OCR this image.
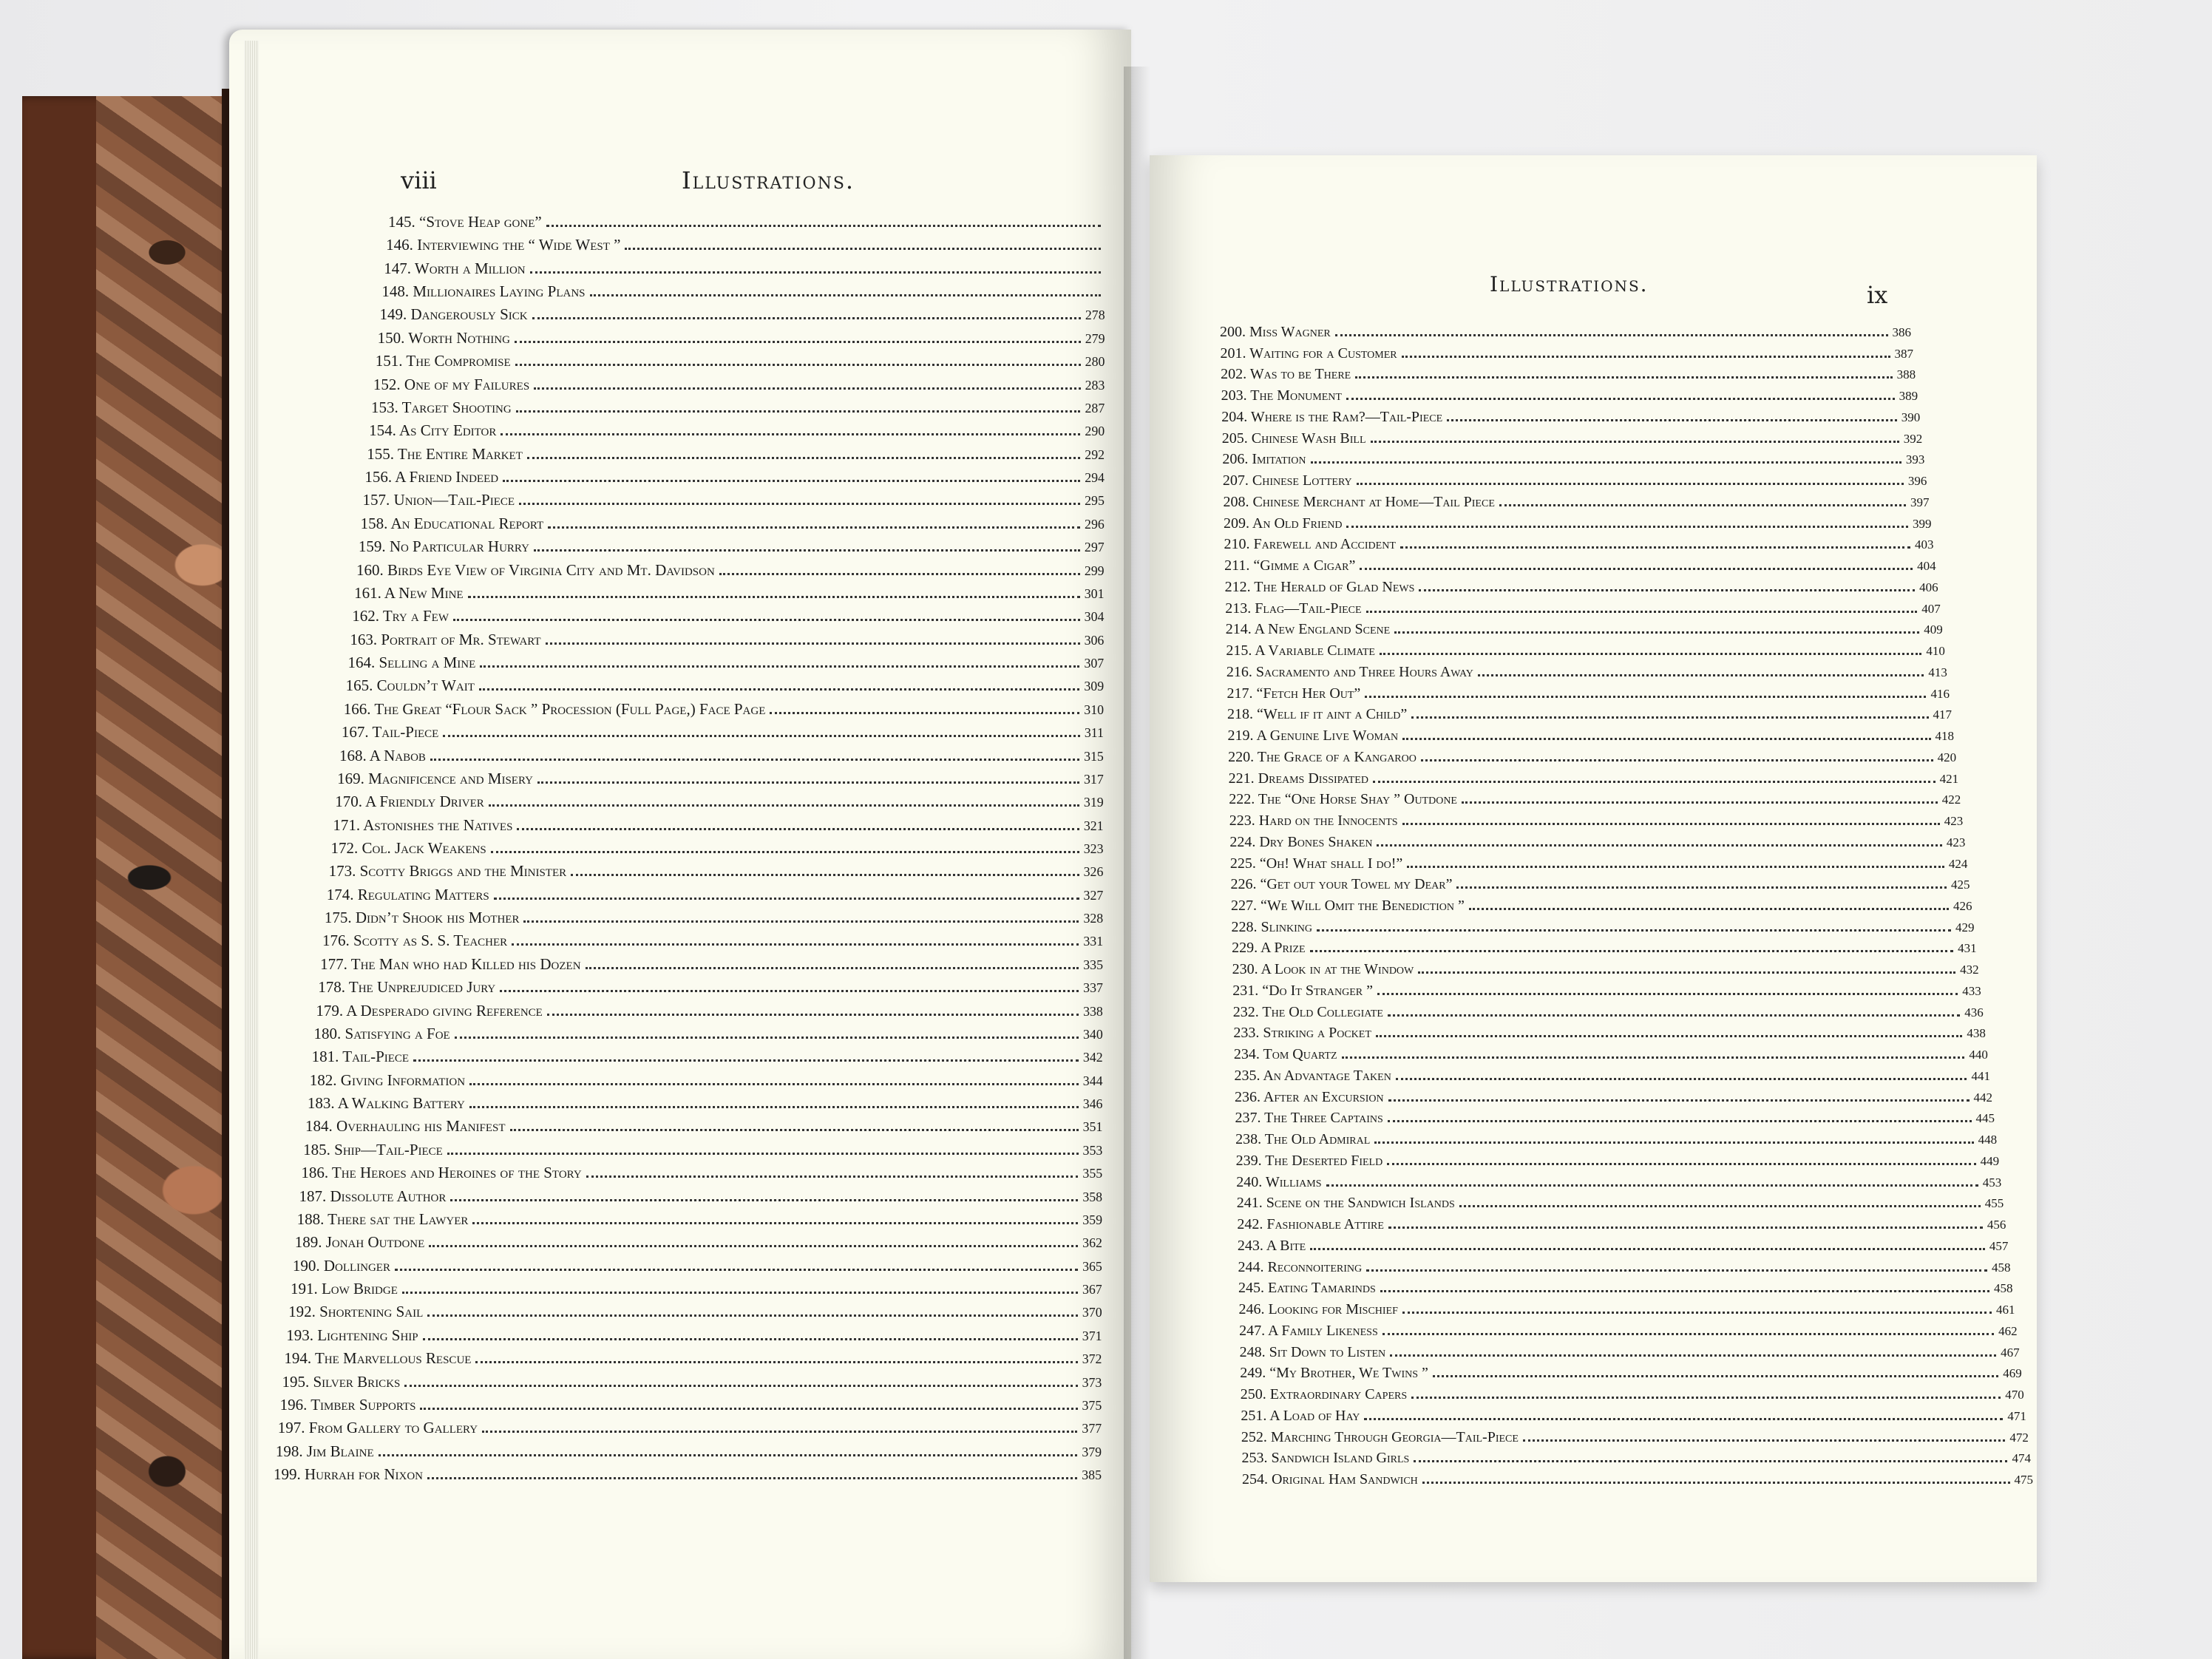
viii	Illustrations.
145. “Stove Heap gone”
146. Interviewing the “ Wide West ”
147. Worth a Million
148. Millionaires Laying Plans
149. Dangerously Sick	278
150. Worth Nothing	279
151. The Compromise	280
152. One of my Failures	283
153. Target Shooting	287
154. As City Editor	290
155. The Entire Market	292
156. A Friend Indeed	294
157. Union—Tail-Piece	295
158. An Educational Report	296
159. No Particular Hurry	297
160. Birds Eye View of Virginia City and Mt. Davidson	299
161. A New Mine	301
162. Try a Few	304
163. Portrait of Mr. Stewart	306
164. Selling a Mine	307
165. Couldn’t Wait	309
166. The Great “Flour Sack ” Procession (Full Page,) Face Page	310
167. Tail-Piece	311
168. A Nabob	315
169. Magnificence and Misery	317
170. A Friendly Driver	319
171. Astonishes the Natives	321
172. Col. Jack Weakens	323
173. Scotty Briggs and the Minister	326
174. Regulating Matters	327
175. Didn’t Shook his Mother	328
176. Scotty as S. S. Teacher	331
177. The Man who had Killed his Dozen	335
178. The Unprejudiced Jury	337
179. A Desperado giving Reference	338
180. Satisfying a Foe	340
181. Tail-Piece	342
182. Giving Information	344
183. A Walking Battery	346
184. Overhauling his Manifest	351
185. Ship—Tail-Piece	353
186. The Heroes and Heroines of the Story	355
187. Dissolute Author	358
188. There sat the Lawyer	359
189. Jonah Outdone	362
190. Dollinger	365
191. Low Bridge	367
192. Shortening Sail	370
193. Lightening Ship	371
194. The Marvellous Rescue	372
195. Silver Bricks	373
196. Timber Supports	375
197. From Gallery to Gallery	377
198. Jim Blaine	379
199. Hurrah for Nixon	385
Illustrations.	ix
200. Miss Wagner	386
201. Waiting for a Customer	387
202. Was to be There	388
203. The Monument	389
204. Where is the Ram?—Tail-Piece	390
205. Chinese Wash Bill	392
206. Imitation	393
207. Chinese Lottery	396
208. Chinese Merchant at Home—Tail Piece	397
209. An Old Friend	399
210. Farewell and Accident	403
211. “Gimme a Cigar”	404
212. The Herald of Glad News	406
213. Flag—Tail-Piece	407
214. A New England Scene	409
215. A Variable Climate	410
216. Sacramento and Three Hours Away	413
217. “Fetch Her Out”	416
218. “Well if it aint a Child”	417
219. A Genuine Live Woman	418
220. The Grace of a Kangaroo	420
221. Dreams Dissipated	421
222. The “One Horse Shay ” Outdone	422
223. Hard on the Innocents	423
224. Dry Bones Shaken	423
225. “Oh! What shall I do!”	424
226. “Get out your Towel my Dear”	425
227. “We Will Omit the Benediction ”	426
228. Slinking	429
229. A Prize	431
230. A Look in at the Window	432
231. “Do It Stranger ”	433
232. The Old Collegiate	436
233. Striking a Pocket	438
234. Tom Quartz	440
235. An Advantage Taken	441
236. After an Excursion	442
237. The Three Captains	445
238. The Old Admiral	448
239. The Deserted Field	449
240. Williams	453
241. Scene on the Sandwich Islands	455
242. Fashionable Attire	456
243. A Bite	457
244. Reconnoitering	458
245. Eating Tamarinds	458
246. Looking for Mischief	461
247. A Family Likeness	462
248. Sit Down to Listen	467
249. “My Brother, We Twins ”	469
250. Extraordinary Capers	470
251. A Load of Hay	471
252. Marching Through Georgia—Tail-Piece	472
253. Sandwich Island Girls	474
254. Original Ham Sandwich	475
